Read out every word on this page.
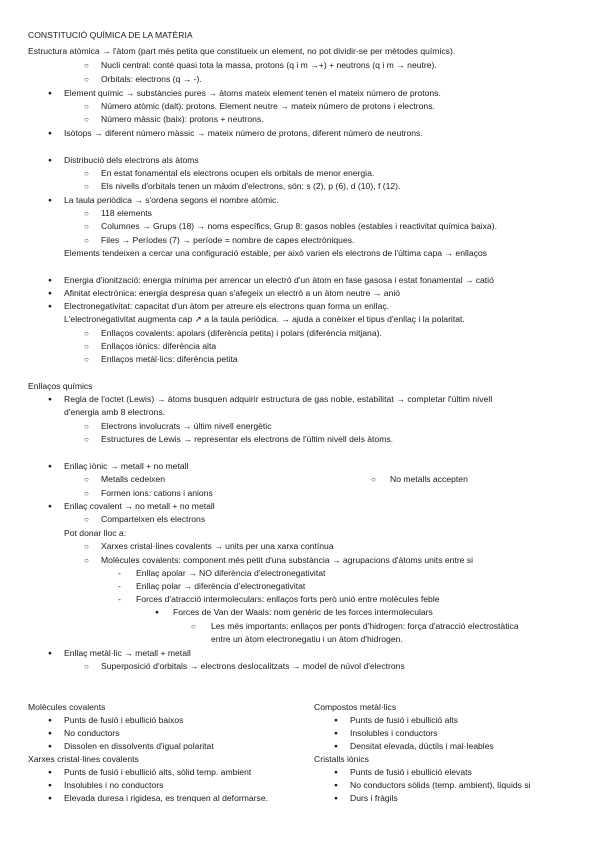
CONSTITUCIÓ QUÍMICA DE LA MATÈRIA
Estructura atòmica → l'àtom (part més petita que constitueix un element, no pot dividir-se per mètodes químics).
○
Nucli central: conté quasi tota la massa, protons (q i m →+) + neutrons (q i m → neutre).
○
Orbitals: electrons (q → -).
●
Element químic → substàncies pures → àtoms mateix element tenen el mateix número de protons.
○
Número atòmic (dalt): protons. Element neutre → mateix número de protons i electrons.
○
Número màssic (baix): protons + neutrons.
●
Isòtops → diferent número màssic → mateix número de protons, diferent número de neutrons.
●
Distribució dels electrons als àtoms
○
En estat fonamental els electrons ocupen els orbitals de menor energia.
○
Els nivells d'orbitals tenen un màxim d'electrons, són: s (2), p (6), d (10), f (12).
●
La taula periòdica → s'ordena segons el nombre atòmic.
○
118 elements
○
Columnes → Grups (18) → noms específics, Grup 8: gasos nobles (estables i reactivitat química baixa).
○
Files → Períodes (7) → període = nombre de capes electròniques.
Elements tendeixen a cercar una configuració estable, per això varien els electrons de l'última capa → enllaços
●
Energia d'ionització: energia mínima per arrencar un electró d'un àtom en fase gasosa i estat fonamental → catió
●
Afinitat electrònica: energia despresa quan s'afegeix un electró a un àtom neutre → anió
●
Electronegativitat: capacitat d'un àtom per atreure els electrons quan forma un enllaç.
L'electronegativitat augmenta cap ↗ a la taula periòdica. → ajuda a conèixer el tipus d'enllaç i la polaritat.
○
Enllaços covalents: apolars (diferència petita) i polars (diferència mitjana).
○
Enllaços iònics: diferència alta
○
Enllaços metàl·lics: diferència petita
Enllaços químics
●
Regla de l'octet (Lewis) → àtoms busquen adquirir estructura de gas noble, estabilitat → completar l'últim nivell
d'energia amb 8 electrons.
○
Electrons involucrats → últim nivell energètic
○
Estructures de Lewis → representar els electrons de l'últim nivell dels àtoms.
●
Enllaç iònic → metall + no metall
○
Metalls cedeixen
○	No metalls accepten
○
Formen ions: cations i anions
●
Enllaç covalent → no metall + no metall
○
Comparteixen els electrons
Pot donar lloc a:
○
Xarxes cristal·lines covalents → units per una xarxa contínua
○
Molècules covalents: component més petit d'una substància → agrupacions d'àtoms units entre si
-
Enllaç apolar → NO diferència d'electronegativitat
-
Enllaç polar → diferència d'electronegativitat
-
Forces d'atracció intermoleculars: enllaços forts però unió entre molècules feble
●
Forces de Van der Waals: nom genèric de les forces intermoleculars
○
Les més importants: enllaços per ponts d'hidrogen: força d'atracció electrostàtica
entre un àtom electronegatiu i un àtom d'hidrogen.
●
Enllaç metàl·lic → metall + metall
○
Superposició d'orbitals → electrons deslocalitzats → model de núvol d'electrons
Molècules covalents
●
Punts de fusió i ebullició baixos
●
No conductors
●
Dissolen en dissolvents d'igual polaritat
Xarxes cristal·lines covalents
●
Punts de fusió i ebullició alts, sòlid temp. ambient
●
Insolubles i no conductors
●
Elevada duresa i rigidesa, es trenquen al deformarse.
Compostos metàl·lics
●
Punts de fusió i ebullició alts
●
Insolubles i conductors
●
Densitat elevada, dúctils i mal·leables
Cristalls iònics
●
Punts de fusió i ebullició elevats
●
No conductors sòlids (temp. ambient), líquids si
●
Durs i fràgils
